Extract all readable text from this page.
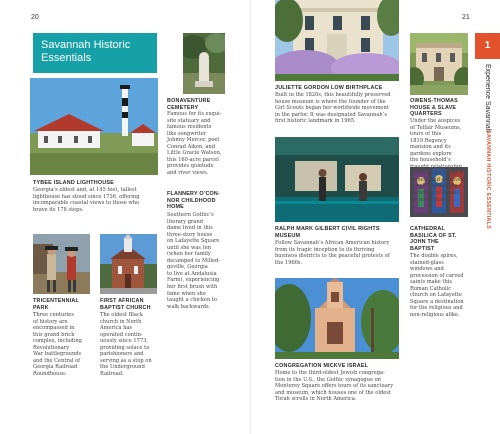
20	21
Savannah Historic Essentials
1
Experience Savannah
SAVANNAH HISTORIC ESSENTIALS
TYBEE ISLAND LIGHTHOUSE
Georgia’s oldest and, at 145 feet, tallest
lighthouse has stood since 1736, offering
incomparable coastal views to those who
brave its 178 steps.
BONAVENTURE
CEMETERY
Famous for its exqui-
site statuary and
famous residents
like songwriter
Johnny Mercer, poet
Conrad Aiken, and
Little Gracie Watson,
this 160-acre parcel
provides quietude
and river views.
FLANNERY O’CON-
NOR CHILDHOOD
HOME
Southern Gothic’s
literary grand
dame lived in this
three-story house
on Lafayette Square
until she was ten
(when her family
decamped to Milled-
geville, Georgia
to live at Andalusia
Farm), experiencing
her first brush with
fame when she
taught a chicken to
walk backwards.
TRICENTENNIAL
PARK
Three centuries
of history are
encompassed in
this grand brick
complex, including
Revolutionary
War battlegrounds
and the Central of
Georgia Railroad
Roundhouse.
FIRST AFRICAN
BAPTIST CHURCH
The oldest Black
church in North
America has
operated contin-
uously since 1773,
providing solace to
parishioners and
serving as a stop on
the Underground
Railroad.
JULIETTE GORDON LOW BIRTHPLACE
Built in the 1820s, this beautifully preserved
house museum is where the founder of the
Girl Scouts began her worldwide movement
in the parlor. It was designated Savannah’s
first historic landmark in 1965.
RALPH MARK GILBERT CIVIL RIGHTS
MUSEUM
Follow Savannah’s African American history
from its tragic inception to its thriving
business districts to the peaceful protests of
the 1960s.
CONGREGATION MICKVE ISRAEL
Home to the third-oldest Jewish congrega-
tion in the U.S., the Gothic synagogue on
Monterey Square offers tours of its sanctuary
and museum, which houses one of the oldest
Torah scrolls in North America.
OWENS-THOMAS
HOUSE & SLAVE
QUARTERS
Under the auspices
of Telfair Museums,
tours of this
1819 Regency
mansion and its
gardens explore
the household’s
fraught relationship
between the home’s
owners and enslaved
people against the
backdrop of beauti-
ful restoration.
CATHEDRAL
BASILICA OF ST.
JOHN THE
BAPTIST
The double spires,
stained-glass
windows and
procession of carved
saints make this
Roman Catholic
church on Lafayette
Square a destination
for the religious and
non-religious alike.
